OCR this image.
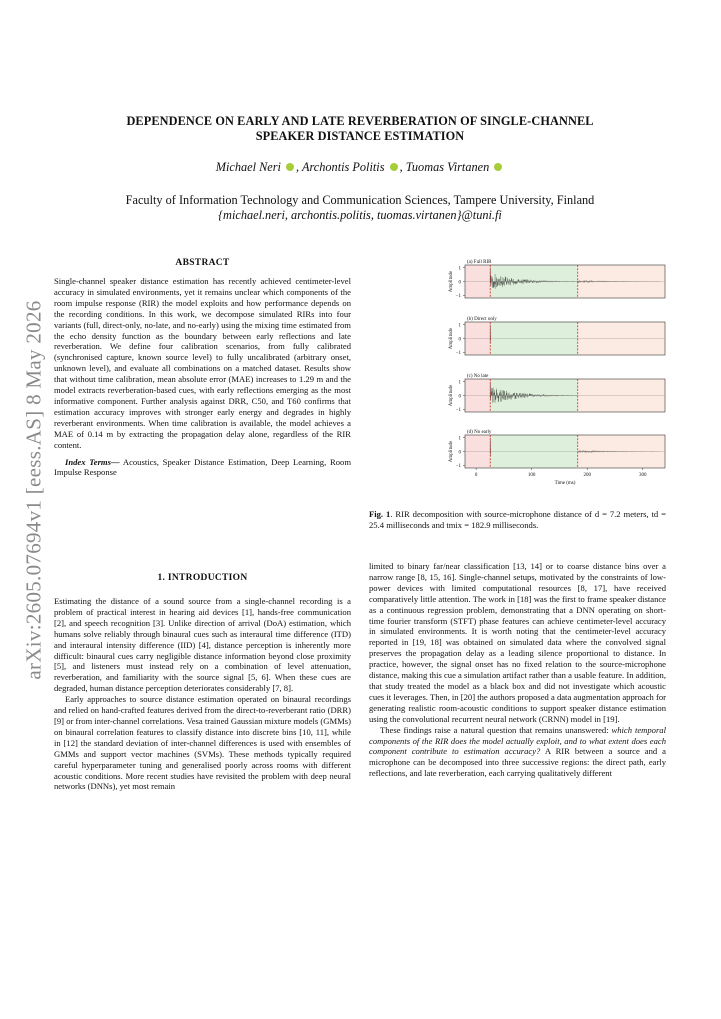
arXiv:2605.07694v1 [eess.AS] 8 May 2026
DEPENDENCE ON EARLY AND LATE REVERBERATION OF SINGLE-CHANNEL
SPEAKER DISTANCE ESTIMATION
Michael Neri , Archontis Politis , Tuomas Virtanen
Faculty of Information Technology and Communication Sciences, Tampere University, Finland
{michael.neri, archontis.politis, tuomas.virtanen}@tuni.fi
ABSTRACT

Single-channel speaker distance estimation has recently achieved centimeter-level accuracy in simulated environments, yet it remains unclear which components of the room impulse response (RIR) the model exploits and how performance depends on the recording conditions. In this work, we decompose simulated RIRs into four variants (full, direct-only, no-late, and no-early) using the mixing time estimated from the echo density function as the boundary between early reflections and late reverberation. We define four calibration scenarios, from fully calibrated (synchronised capture, known source level) to fully uncalibrated (arbitrary onset, unknown level), and evaluate all combinations on a matched dataset. Results show that without time calibration, mean absolute error (MAE) increases to 1.29 m and the model extracts reverberation-based cues, with early reflections emerging as the most informative component. Further analysis against DRR, C50, and T60 confirms that estimation accuracy improves with stronger early energy and degrades in highly reverberant environments. When time calibration is available, the model achieves a MAE of 0.14 m by extracting the propagation delay alone, regardless of the RIR content.

Index Terms— Acoustics, Speaker Distance Estimation, Deep Learning, Room Impulse Response

1. INTRODUCTION

Estimating the distance of a sound source from a single-channel recording is a problem of practical interest in hearing aid devices [1], hands-free communication [2], and speech recognition [3]. Unlike direction of arrival (DoA) estimation, which humans solve reliably through binaural cues such as interaural time difference (ITD) and interaural intensity difference (IID) [4], distance perception is inherently more difficult: binaural cues carry negligible distance information beyond close proximity [5], and listeners must instead rely on a combination of level attenuation, reverberation, and familiarity with the source signal [5, 6]. When these cues are degraded, human distance perception deteriorates considerably [7, 8].

Early approaches to source distance estimation operated on binaural recordings and relied on hand-crafted features derived from the direct-to-reverberant ratio (DRR) [9] or from inter-channel correlations. Vesa trained Gaussian mixture models (GMMs) on binaural correlation features to classify distance into discrete bins [10, 11], while in [12] the standard deviation of inter-channel differences is used with ensembles of GMMs and support vector machines (SVMs). These methods typically required careful hyperparameter tuning and generalised poorly across rooms with different acoustic conditions. More recent studies have revisited the problem with deep neural networks (DNNs), yet most remain

(a) Full RIR
1
0
−1
Amplitude
(b) Direct only
1
0
−1
Amplitude
(c) No late
1
0
−1
Amplitude
(d) No early
1
0
−1
Amplitude
0	100	200	300
Time (ms)
Fig. 1. RIR decomposition with source-microphone distance of d = 7.2 meters, td = 25.4 milliseconds and tmix = 182.9 milliseconds.

limited to binary far/near classification [13, 14] or to coarse distance bins over a narrow range [8, 15, 16]. Single-channel setups, motivated by the constraints of low-power devices with limited computational resources [8, 17], have received comparatively little attention. The work in [18] was the first to frame speaker distance as a continuous regression problem, demonstrating that a DNN operating on short-time fourier transform (STFT) phase features can achieve centimeter-level accuracy in simulated environments. It is worth noting that the centimeter-level accuracy reported in [19, 18] was obtained on simulated data where the convolved signal preserves the propagation delay as a leading silence proportional to distance. In practice, however, the signal onset has no fixed relation to the source-microphone distance, making this cue a simulation artifact rather than a usable feature. In addition, that study treated the model as a black box and did not investigate which acoustic cues it leverages. Then, in [20] the authors proposed a data augmentation approach for generating realistic room-acoustic conditions to support speaker distance estimation using the convolutional recurrent neural network (CRNN) model in [19].

These findings raise a natural question that remains unanswered: which temporal components of the RIR does the model actually exploit, and to what extent does each component contribute to estimation accuracy? A RIR between a source and a microphone can be decomposed into three successive regions: the direct path, early reflections, and late reverberation, each carrying qualitatively different
